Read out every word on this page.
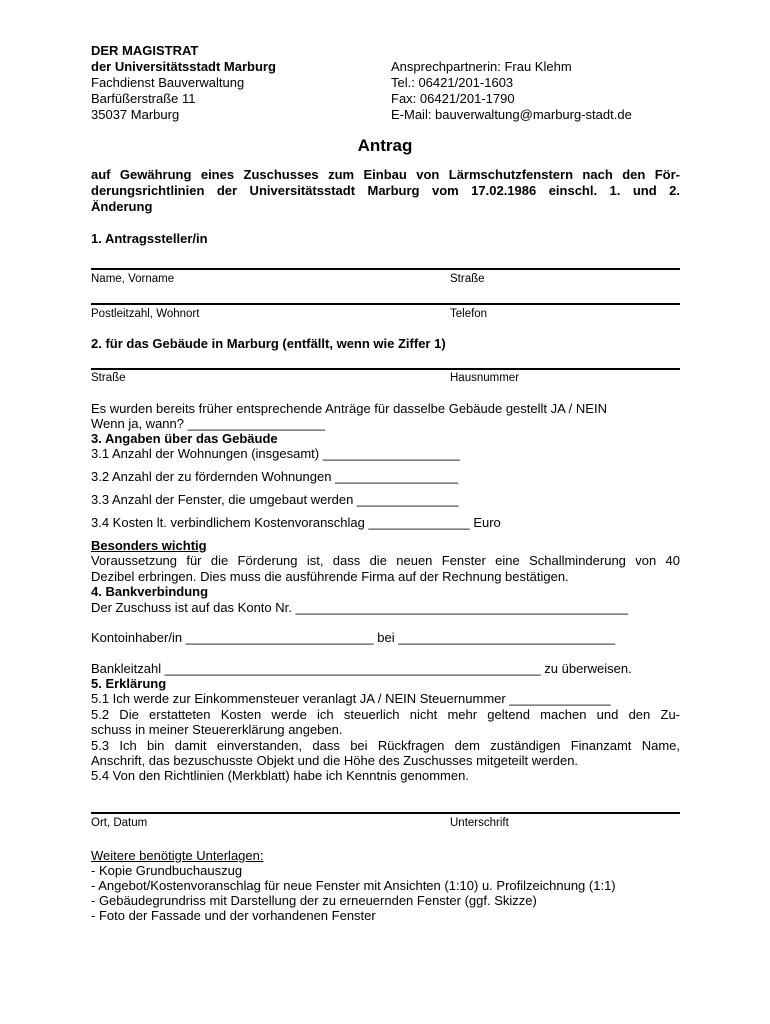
DER MAGISTRAT
der Universitätsstadt Marburg
Fachdienst Bauverwaltung
Barfüßerstraße 11
35037 Marburg
Ansprechpartnerin: Frau Klehm
Tel.: 06421/201-1603
Fax: 06421/201-1790
E-Mail: bauverwaltung@marburg-stadt.de
Antrag
auf Gewährung eines Zuschusses zum Einbau von Lärmschutzfenstern nach den För-
derungsrichtlinien der Universitätsstadt Marburg vom 17.02.1986 einschl. 1. und 2.
Änderung
1. Antragssteller/in
Name, Vorname	Straße
Postleitzahl, Wohnort	Telefon
2. für das Gebäude in Marburg (entfällt, wenn wie Ziffer 1)
Straße	Hausnummer
Es wurden bereits früher entsprechende Anträge für dasselbe Gebäude gestellt JA / NEIN
Wenn ja, wann? ___________________
3. Angaben über das Gebäude
3.1 Anzahl der Wohnungen (insgesamt) ___________________
3.2 Anzahl der zu fördernden Wohnungen _________________
3.3 Anzahl der Fenster, die umgebaut werden ______________
3.4 Kosten lt. verbindlichem Kostenvoranschlag ______________ Euro
Besonders wichtig
Voraussetzung für die Förderung ist, dass die neuen Fenster eine Schallminderung von 40
Dezibel erbringen. Dies muss die ausführende Firma auf der Rechnung bestätigen.
4. Bankverbindung
Der Zuschuss ist auf das Konto Nr. ______________________________________________
Kontoinhaber/in __________________________ bei ______________________________
Bankleitzahl ____________________________________________________ zu überweisen.
5. Erklärung
5.1 Ich werde zur Einkommensteuer veranlagt JA / NEIN Steuernummer ______________
5.2 Die erstatteten Kosten werde ich steuerlich nicht mehr geltend machen und den Zu-
schuss in meiner Steuererklärung angeben.
5.3 Ich bin damit einverstanden, dass bei Rückfragen dem zuständigen Finanzamt Name,
Anschrift, das bezuschusste Objekt und die Höhe des Zuschusses mitgeteilt werden.
5.4 Von den Richtlinien (Merkblatt) habe ich Kenntnis genommen.
Ort, Datum	Unterschrift
Weitere benötigte Unterlagen:
- Kopie Grundbuchauszug
- Angebot/Kostenvoranschlag für neue Fenster mit Ansichten (1:10) u. Profilzeichnung (1:1)
- Gebäudegrundriss mit Darstellung der zu erneuernden Fenster (ggf. Skizze)
- Foto der Fassade und der vorhandenen Fenster
